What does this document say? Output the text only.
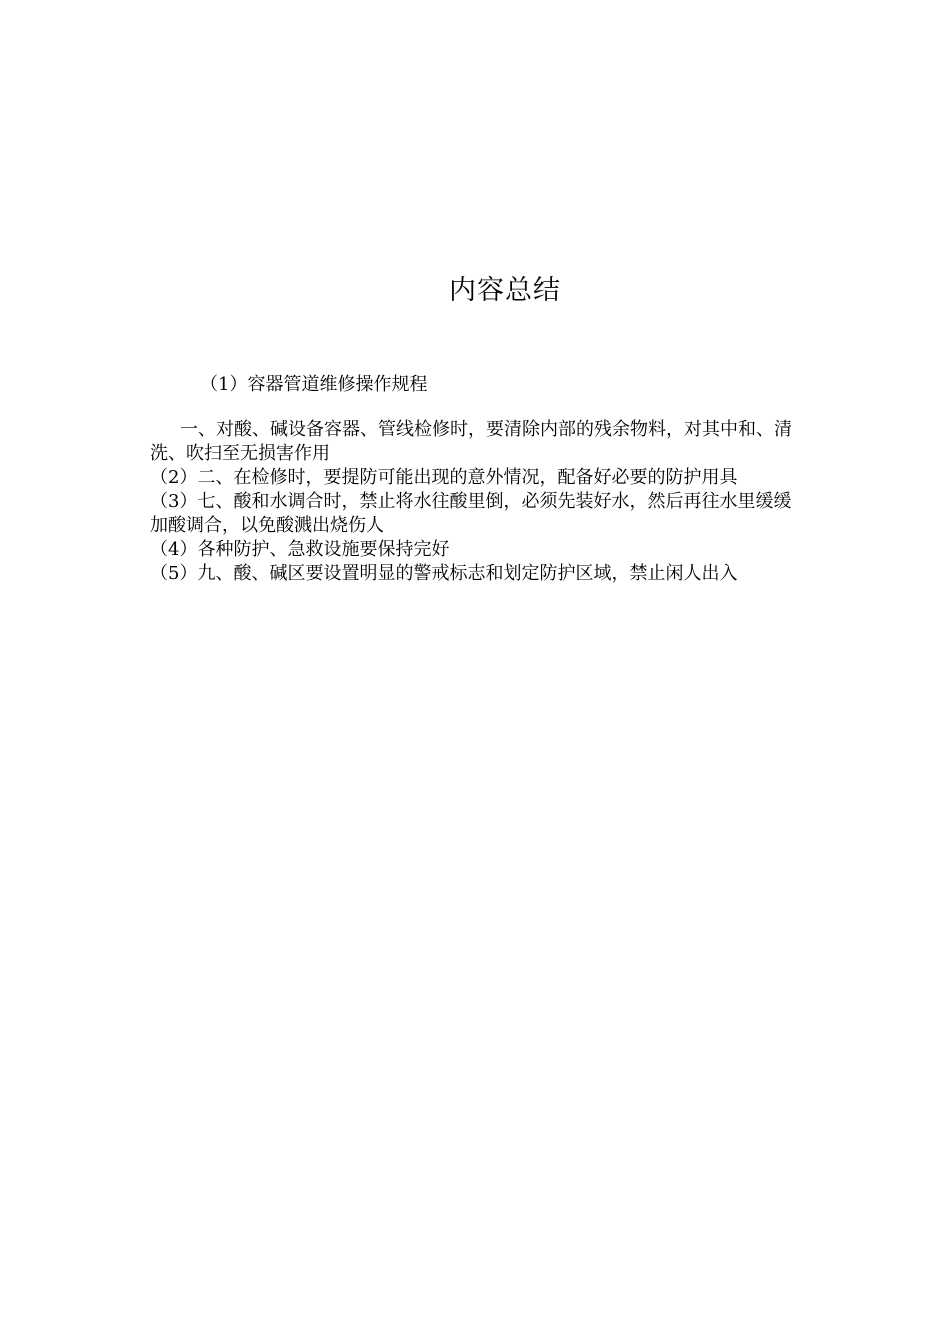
内容总结
（1）容器管道维修操作规程

一、对酸、碱设备容器、管线检修时，要清除内部的残余物料，对其中和、清洗、吹扫至无损害作用

（2）二、在检修时，要提防可能出现的意外情况，配备好必要的防护用具

（3）七、酸和水调合时，禁止将水往酸里倒，必须先装好水，然后再往水里缓缓加酸调合，以免酸溅出烧伤人

（4）各种防护、急救设施要保持完好

（5）九、酸、碱区要设置明显的警戒标志和划定防护区域，禁止闲人出入
